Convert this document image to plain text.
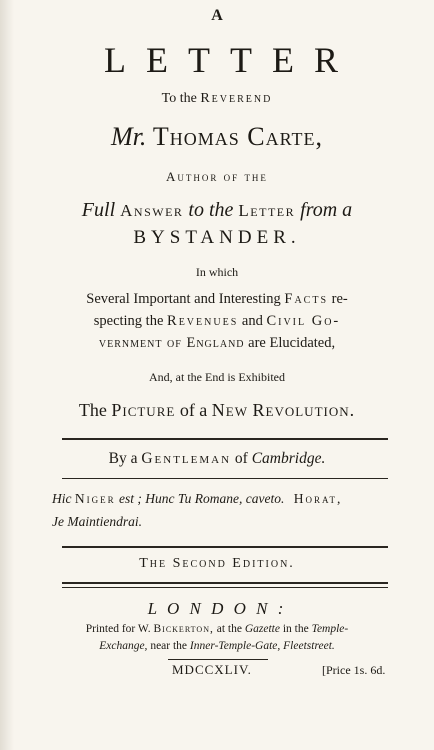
A
LETTER
To the Reverend
Mr. Thomas Carte,
Author of the
Full Answer to the Letter from a
BYSTANDER.
In which
Several Important and Interesting Facts re-
specting the Revenues and Civil Go-
vernment of England are Elucidated,
And, at the End is Exhibited
The Picture of a New Revolution.

By a Gentleman of Cambridge.
Hic Niger est ; Hunc Tu Romane, caveto. Horat,
Je Maintiendrai.
The Second Edition.
L O N D O N :
Printed for W. Bickerton, at the Gazette in the Temple-
Exchange, near the Inner-Temple-Gate, Fleetstreet.
MDCCXLIV.	[Price 1s. 6d.
